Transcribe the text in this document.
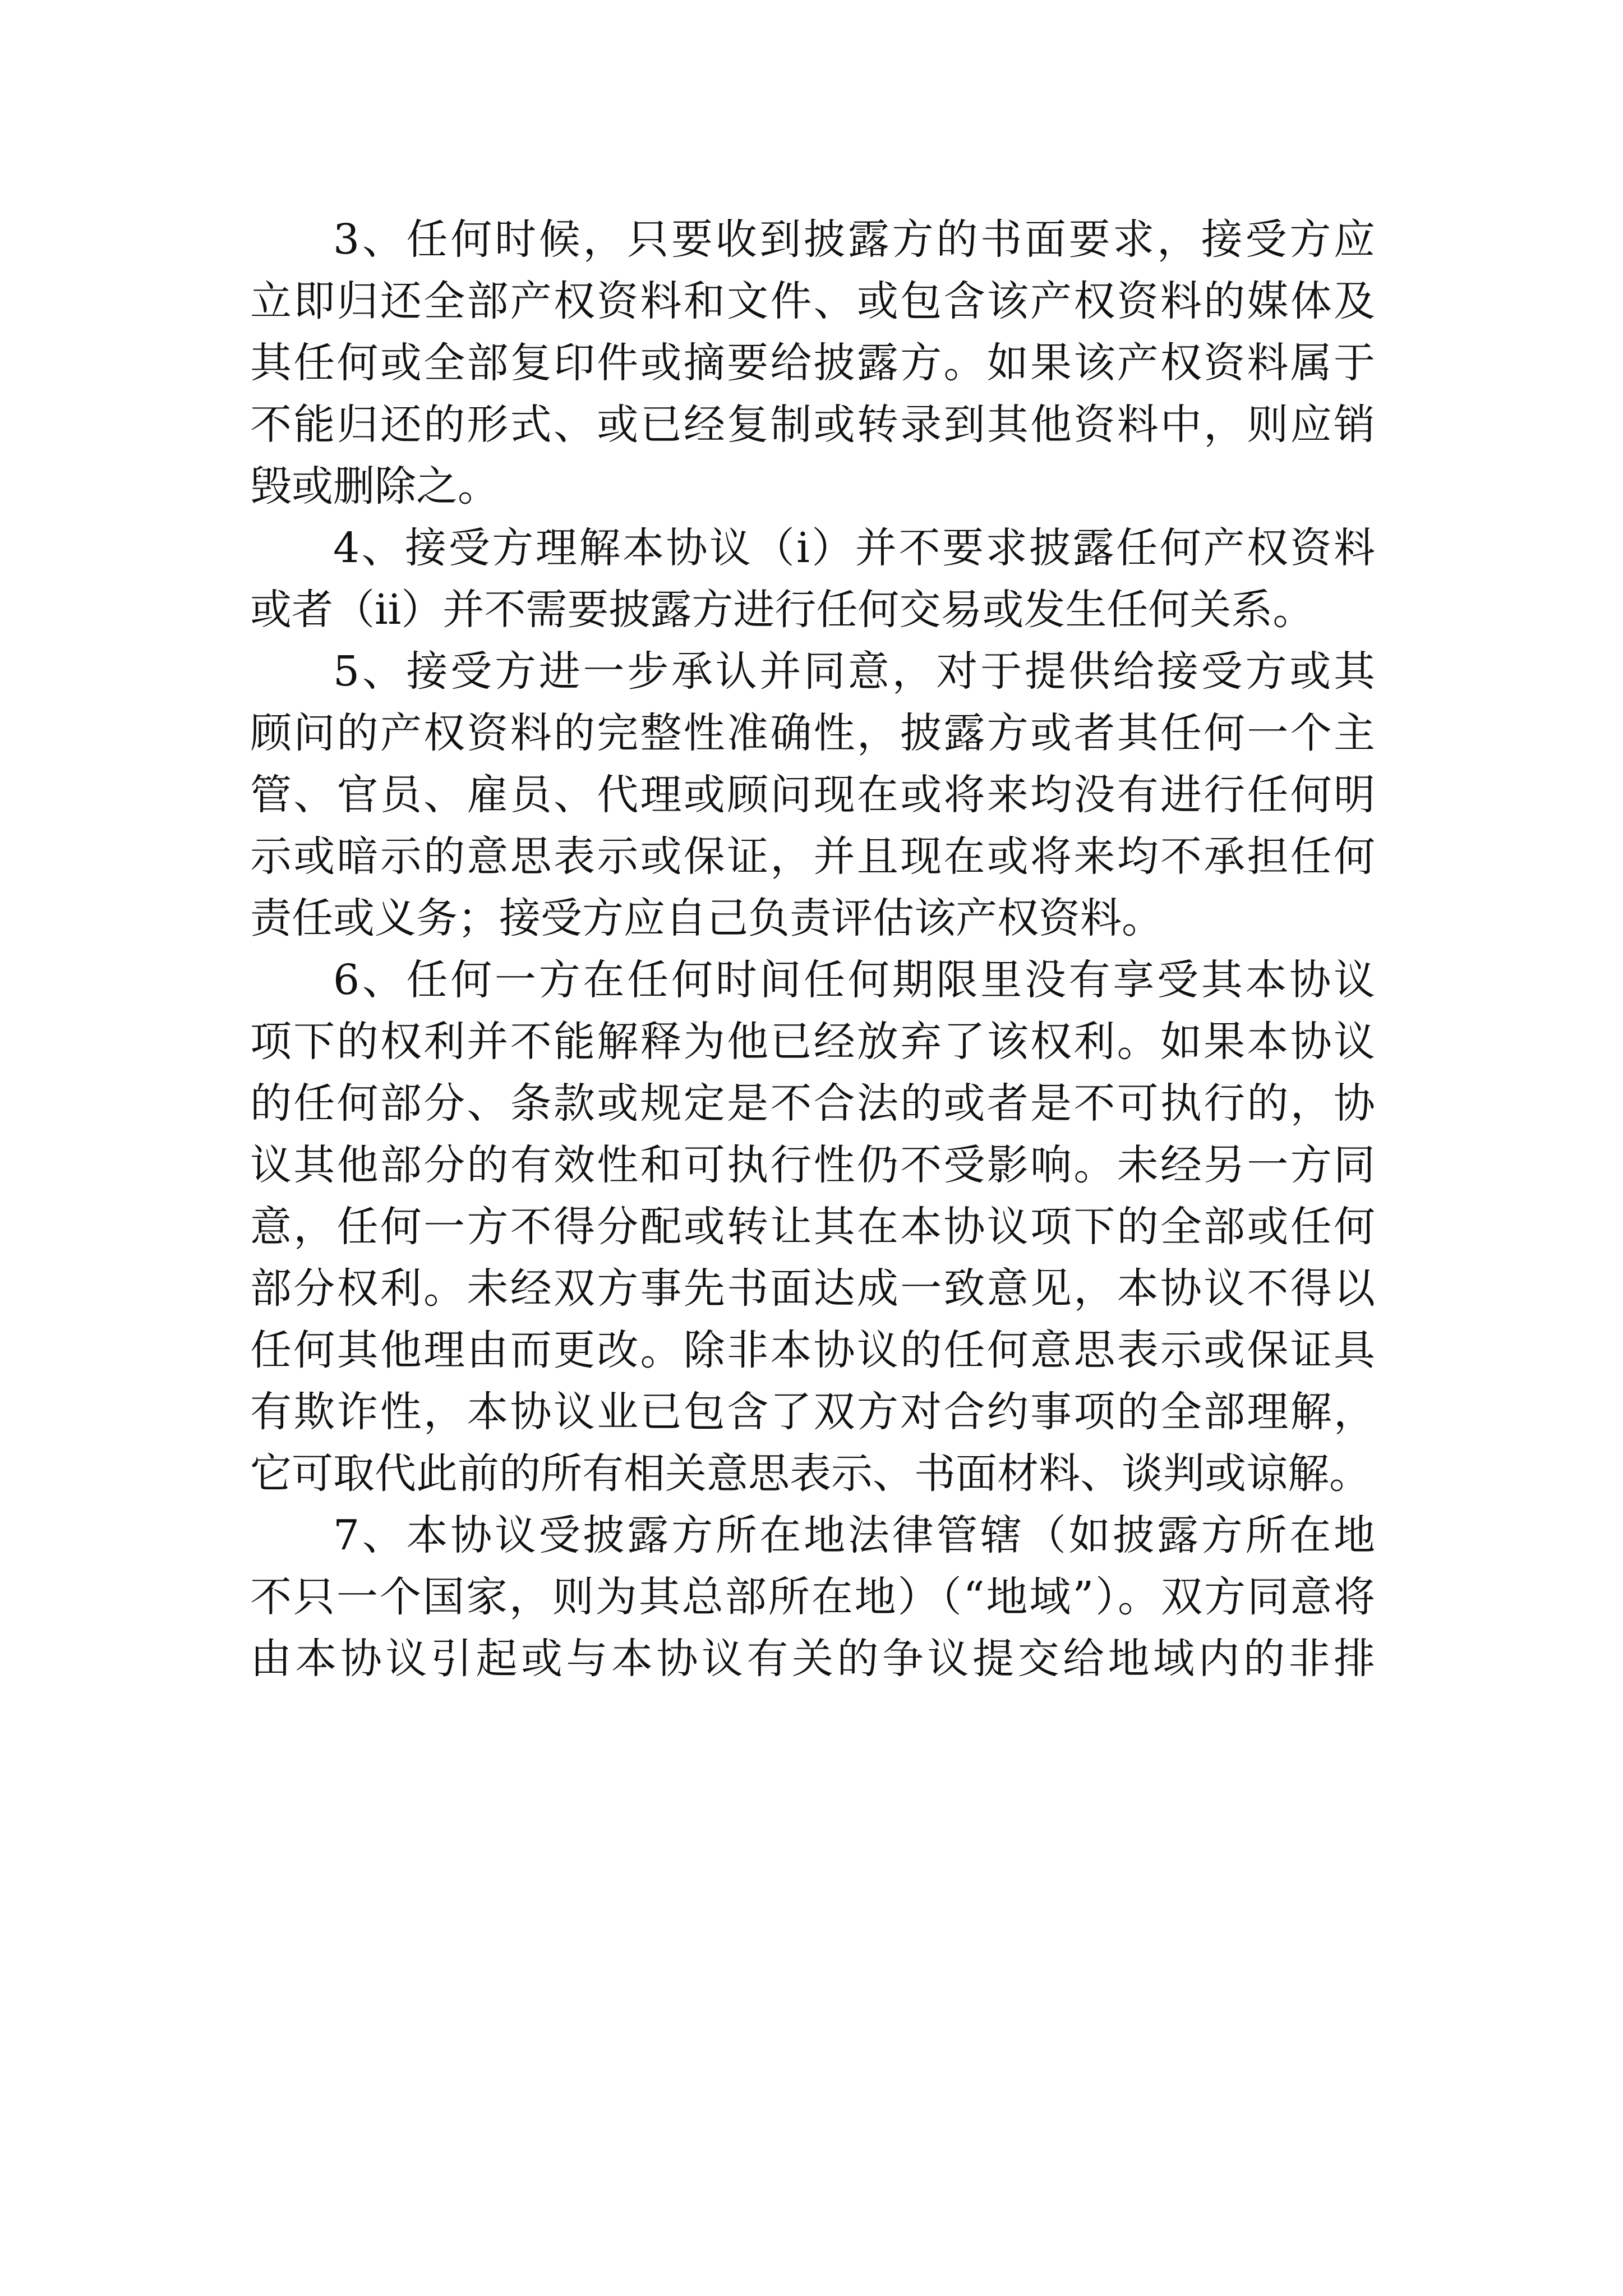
3、任何时候，只要收到披露方的书面要求，接受方应
立即归还全部产权资料和文件、或包含该产权资料的媒体及
其任何或全部复印件或摘要给披露方。如果该产权资料属于
不能归还的形式、或已经复制或转录到其他资料中，则应销
毁或删除之。
4、接受方理解本协议（i）并不要求披露任何产权资料
或者（ii）并不需要披露方进行任何交易或发生任何关系。
5、接受方进一步承认并同意，对于提供给接受方或其
顾问的产权资料的完整性准确性，披露方或者其任何一个主
管、官员、雇员、代理或顾问现在或将来均没有进行任何明
示或暗示的意思表示或保证，并且现在或将来均不承担任何
责任或义务；接受方应自己负责评估该产权资料。
6、任何一方在任何时间任何期限里没有享受其本协议
项下的权利并不能解释为他已经放弃了该权利。如果本协议
的任何部分、条款或规定是不合法的或者是不可执行的，协
议其他部分的有效性和可执行性仍不受影响。未经另一方同
意，任何一方不得分配或转让其在本协议项下的全部或任何
部分权利。未经双方事先书面达成一致意见，本协议不得以
任何其他理由而更改。除非本协议的任何意思表示或保证具
有欺诈性，本协议业已包含了双方对合约事项的全部理解，
它可取代此前的所有相关意思表示、书面材料、谈判或谅解。
7、本协议受披露方所在地法律管辖（如披露方所在地
不只一个国家，则为其总部所在地）（“地域”）。双方同意将
由本协议引起或与本协议有关的争议提交给地域内的非排
